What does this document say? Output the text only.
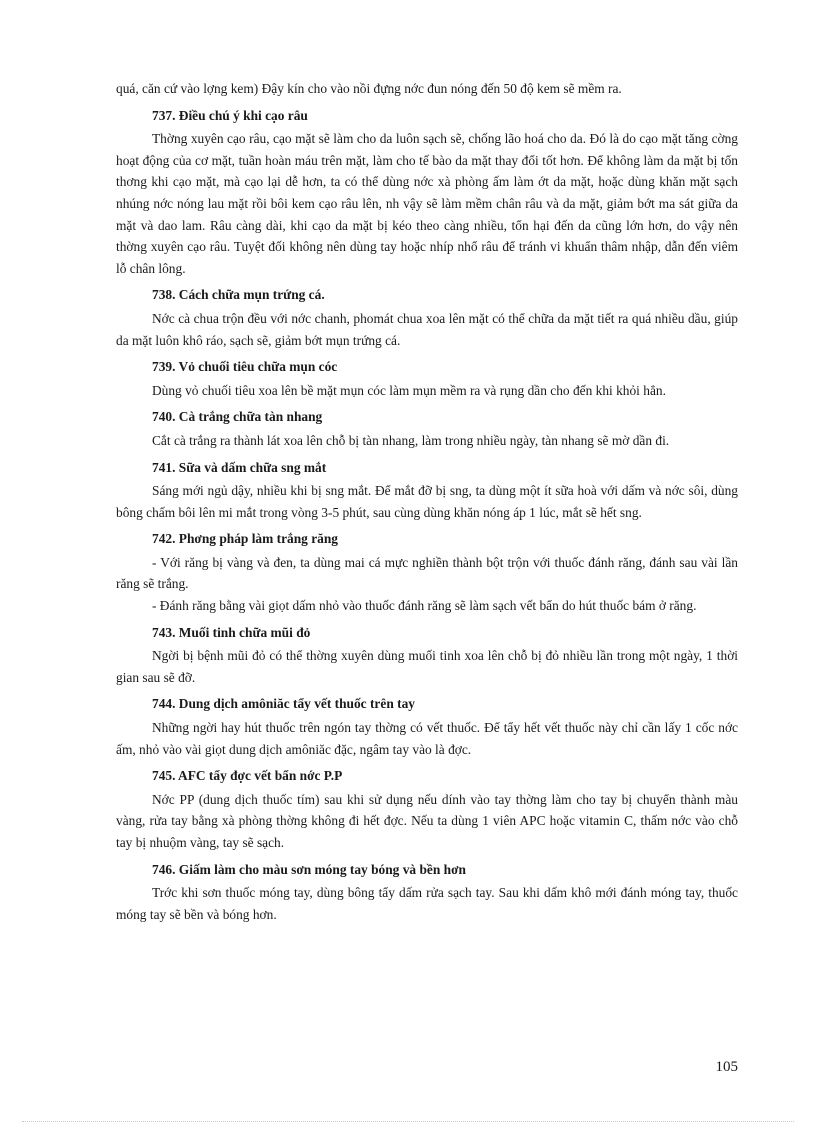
quá, căn cứ vào lợng kem) Đậy kín cho vào nồi đựng nớc đun nóng đến 50 độ kem sẽ mềm ra.

737. Điều chú ý khi cạo râu

Thờng xuyên cạo râu, cạo mặt sẽ làm cho da luôn sạch sẽ, chống lão hoá cho da. Đó là do cạo mặt tăng cờng hoạt động của cơ mặt, tuần hoàn máu trên mặt, làm cho tế bào da mặt thay đổi tốt hơn. Để không làm da mặt bị tổn thơng khi cạo mặt, mà cạo lại dễ hơn, ta có thể dùng nớc xà phòng ấm làm ớt da mặt, hoặc dùng khăn mặt sạch nhúng nớc nóng lau mặt rồi bôi kem cạo râu lên, nh vậy sẽ làm mềm chân râu và da mặt, giảm bớt ma sát giữa da mặt và dao lam. Râu càng dài, khi cạo da mặt bị kéo theo càng nhiều, tổn hại đến da cũng lớn hơn, do vậy nên thờng xuyên cạo râu. Tuyệt đối không nên dùng tay hoặc nhíp nhổ râu để tránh vi khuẩn thâm nhập, dẫn đến viêm lỗ chân lông.

738. Cách chữa mụn trứng cá.

Nớc cà chua trộn đều với nớc chanh, phomát chua xoa lên mặt có thể chữa da mặt tiết ra quá nhiều dầu, giúp da mặt luôn khô ráo, sạch sẽ, giảm bớt mụn trứng cá.

739. Vỏ chuối tiêu chữa mụn cóc

Dùng vỏ chuối tiêu xoa lên bề mặt mụn cóc làm mụn mềm ra và rụng dần cho đến khi khỏi hẳn.

740. Cà trắng chữa tàn nhang

Cắt cà trắng ra thành lát xoa lên chỗ bị tàn nhang, làm trong nhiều ngày, tàn nhang sẽ mờ dần đi.

741. Sữa và dấm chữa sng mắt

Sáng mới ngủ dậy, nhiều khi bị sng mắt. Để mắt đỡ bị sng, ta dùng một ít sữa hoà với dấm và nớc sôi, dùng bông chấm bôi lên mi mắt trong vòng 3-5 phút, sau cùng dùng khăn nóng áp 1 lúc, mắt sẽ hết sng.

742. Phơng pháp làm trắng răng

- Với răng bị vàng và đen, ta dùng mai cá mực nghiền thành bột trộn với thuốc đánh răng, đánh sau vài lần răng sẽ trắng.

- Đánh răng bằng vài giọt dấm nhỏ vào thuốc đánh răng sẽ làm sạch vết bẩn do hút thuốc bám ở răng.

743. Muối tinh chữa mũi đỏ

Ngời bị bệnh mũi đỏ có thể thờng xuyên dùng muối tinh xoa lên chỗ bị đỏ nhiều lần trong một ngày, 1 thời gian sau sẽ đỡ.

744. Dung dịch amôniăc tẩy vết thuốc trên tay

Những ngời hay hút thuốc trên ngón tay thờng có vết thuốc. Để tẩy hết vết thuốc này chỉ cần lấy 1 cốc nớc ấm, nhỏ vào vài giọt dung dịch amôniăc đặc, ngâm tay vào là đợc.

745. AFC tẩy đợc vết bẩn nớc P.P

Nớc PP (dung dịch thuốc tím) sau khi sử dụng nếu dính vào tay thờng làm cho tay bị chuyển thành màu vàng, rửa tay bằng xà phòng thờng không đi hết đợc. Nếu ta dùng 1 viên APC hoặc vitamin C, thấm nớc vào chỗ tay bị nhuộm vàng, tay sẽ sạch.

746. Giấm làm cho màu sơn móng tay bóng và bền hơn

Trớc khi sơn thuốc móng tay, dùng bông tẩy dấm rửa sạch tay. Sau khi dấm khô mới đánh móng tay, thuốc móng tay sẽ bền và bóng hơn.

105
